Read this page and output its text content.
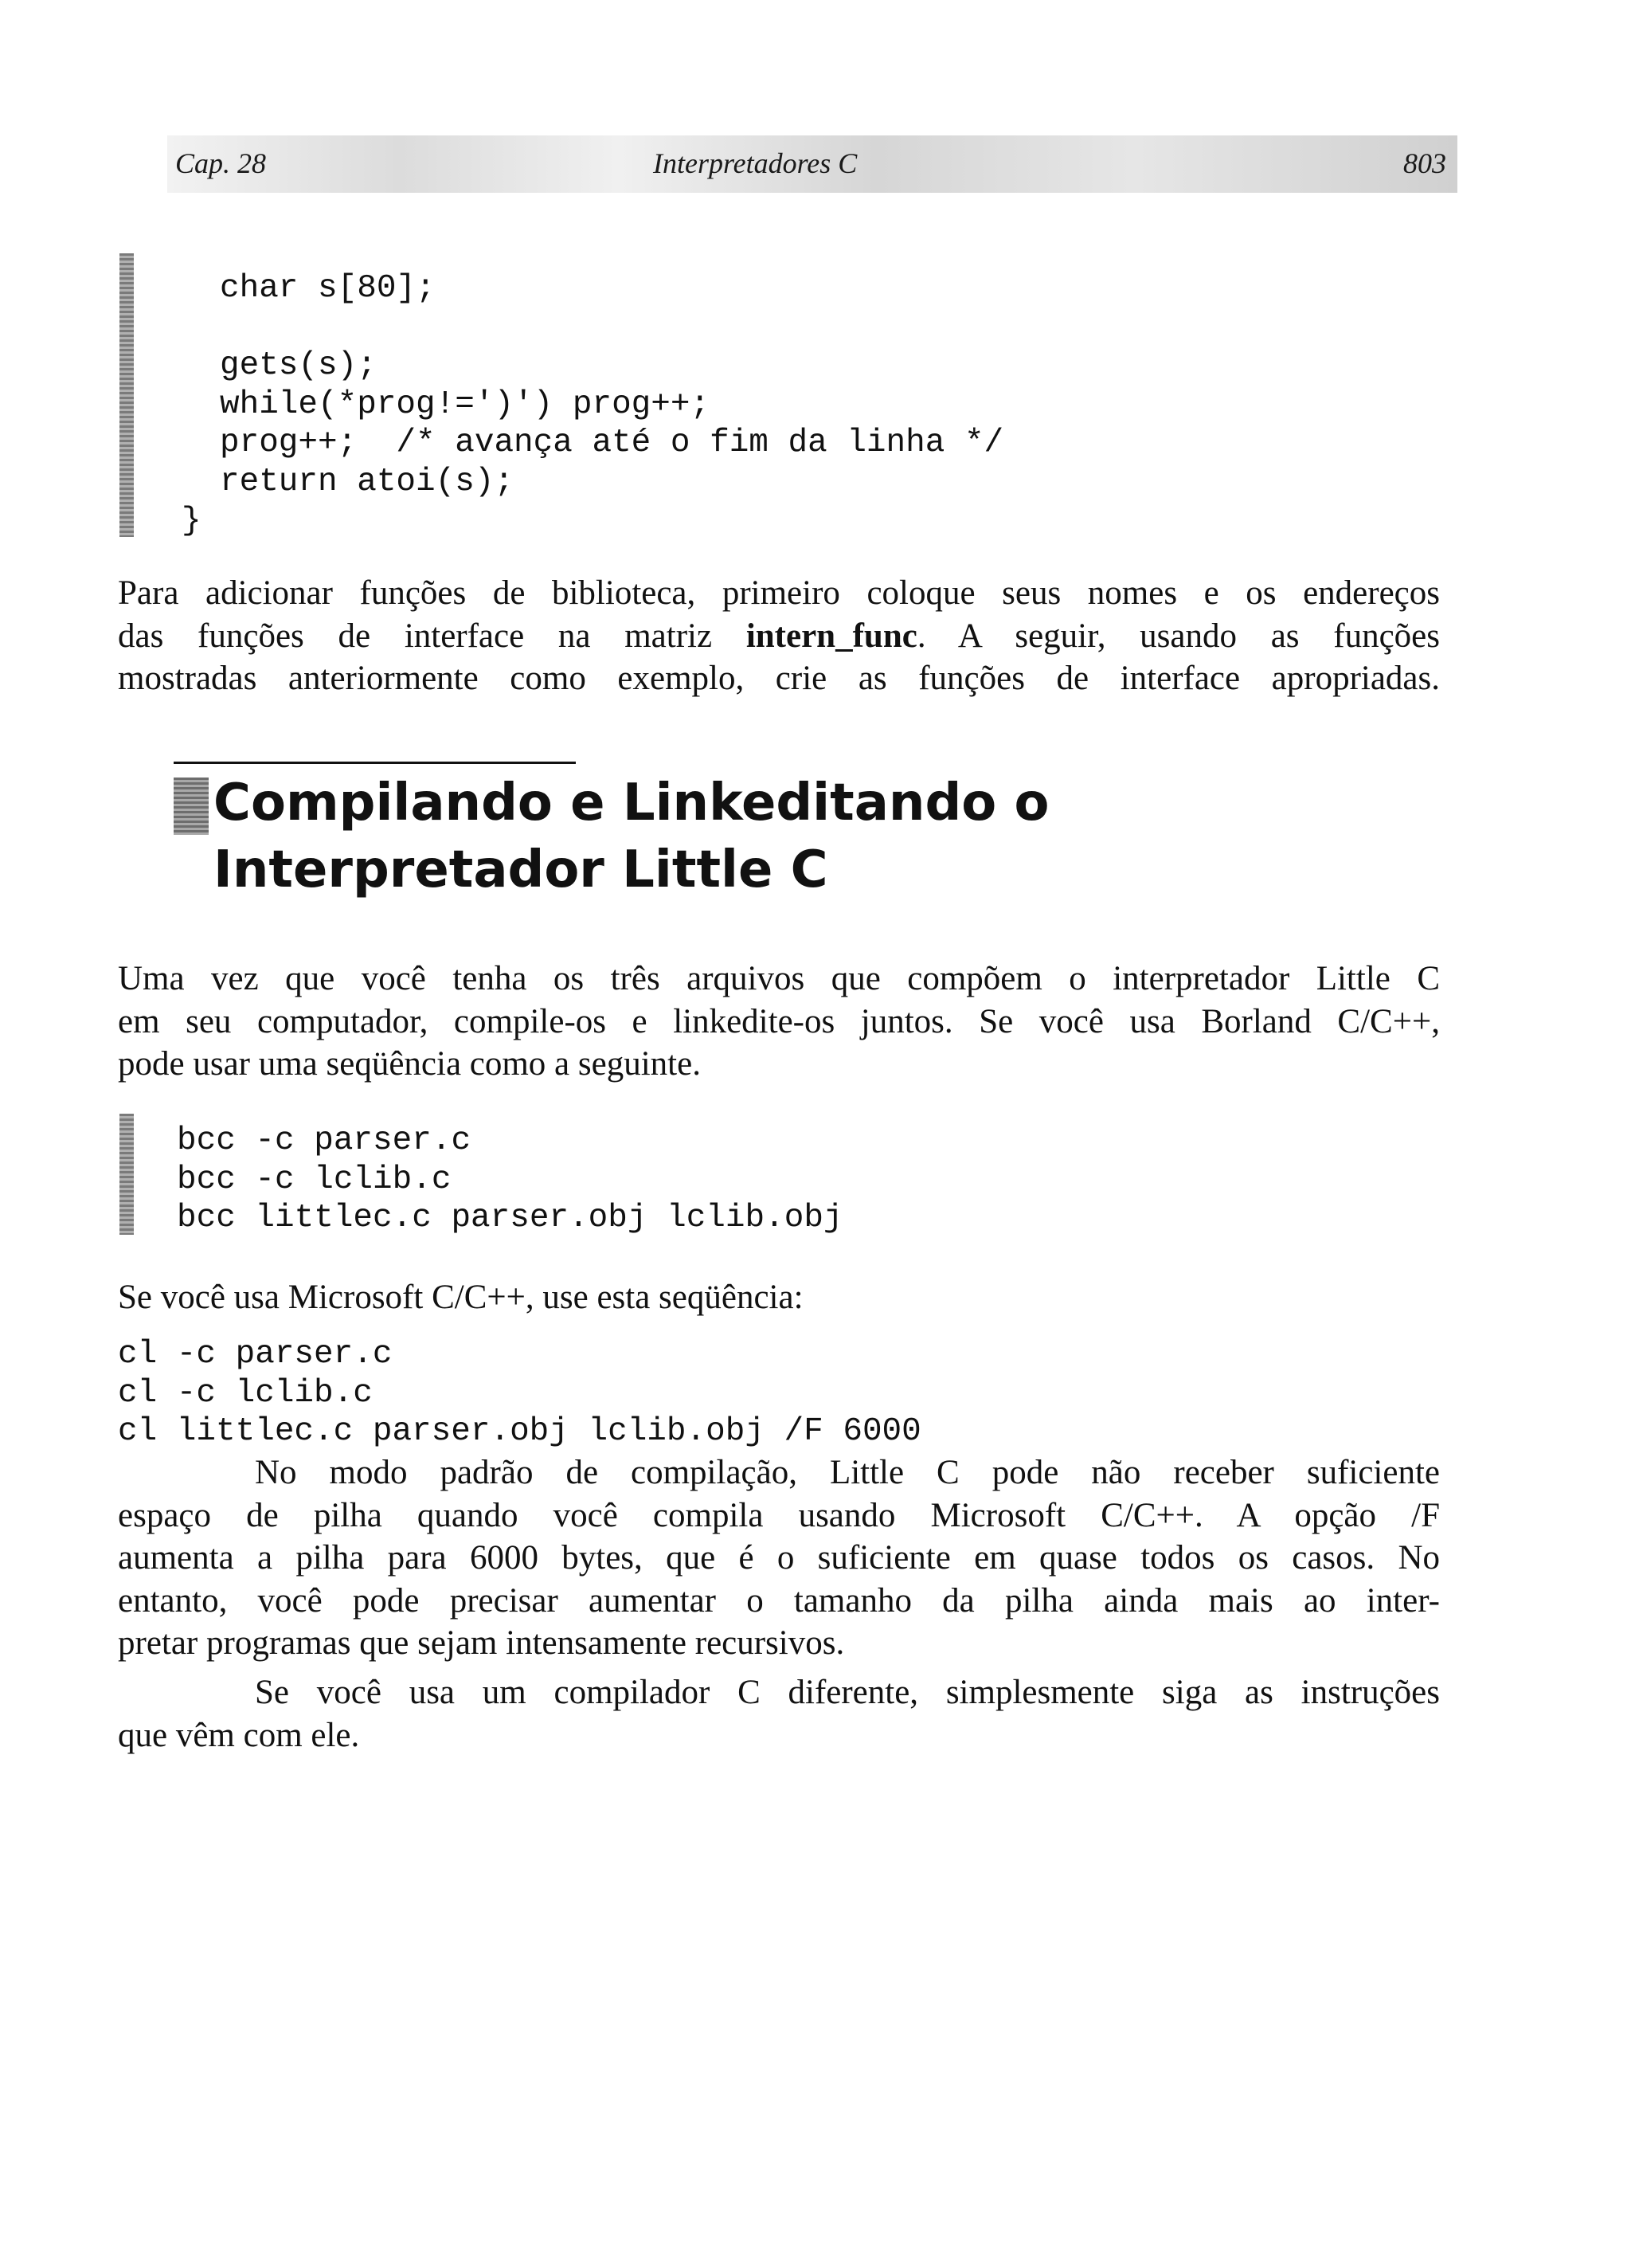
Cap. 28	Interpretadores C	803
char s[80];

gets(s);
while(*prog!=')') prog++;
prog++;  /* avança até o fim da linha */
return atoi(s);
}

Para adicionar funções de biblioteca, primeiro coloque seus nomes e os endereços
das funções de interface na matriz intern_func. A seguir, usando as funções
mostradas anteriormente como exemplo, crie as funções de interface apropriadas.

Compilando e Linkeditando o
Interpretador Little C

Uma vez que você tenha os três arquivos que compõem o interpretador Little C
em seu computador, compile-os e linkedite-os juntos. Se você usa Borland C/C++,
pode usar uma seqüência como a seguinte.

bcc -c parser.c
bcc -c lclib.c
bcc littlec.c parser.obj lclib.obj

Se você usa Microsoft C/C++, use esta seqüência:

cl -c parser.c
cl -c lclib.c
cl littlec.c parser.obj lclib.obj /F 6000

No modo padrão de compilação, Little C pode não receber suficiente
espaço de pilha quando você compila usando Microsoft C/C++. A opção /F
aumenta a pilha para 6000 bytes, que é o suficiente em quase todos os casos. No
entanto, você pode precisar aumentar o tamanho da pilha ainda mais ao inter-
pretar programas que sejam intensamente recursivos.

Se você usa um compilador C diferente, simplesmente siga as instruções
que vêm com ele.
